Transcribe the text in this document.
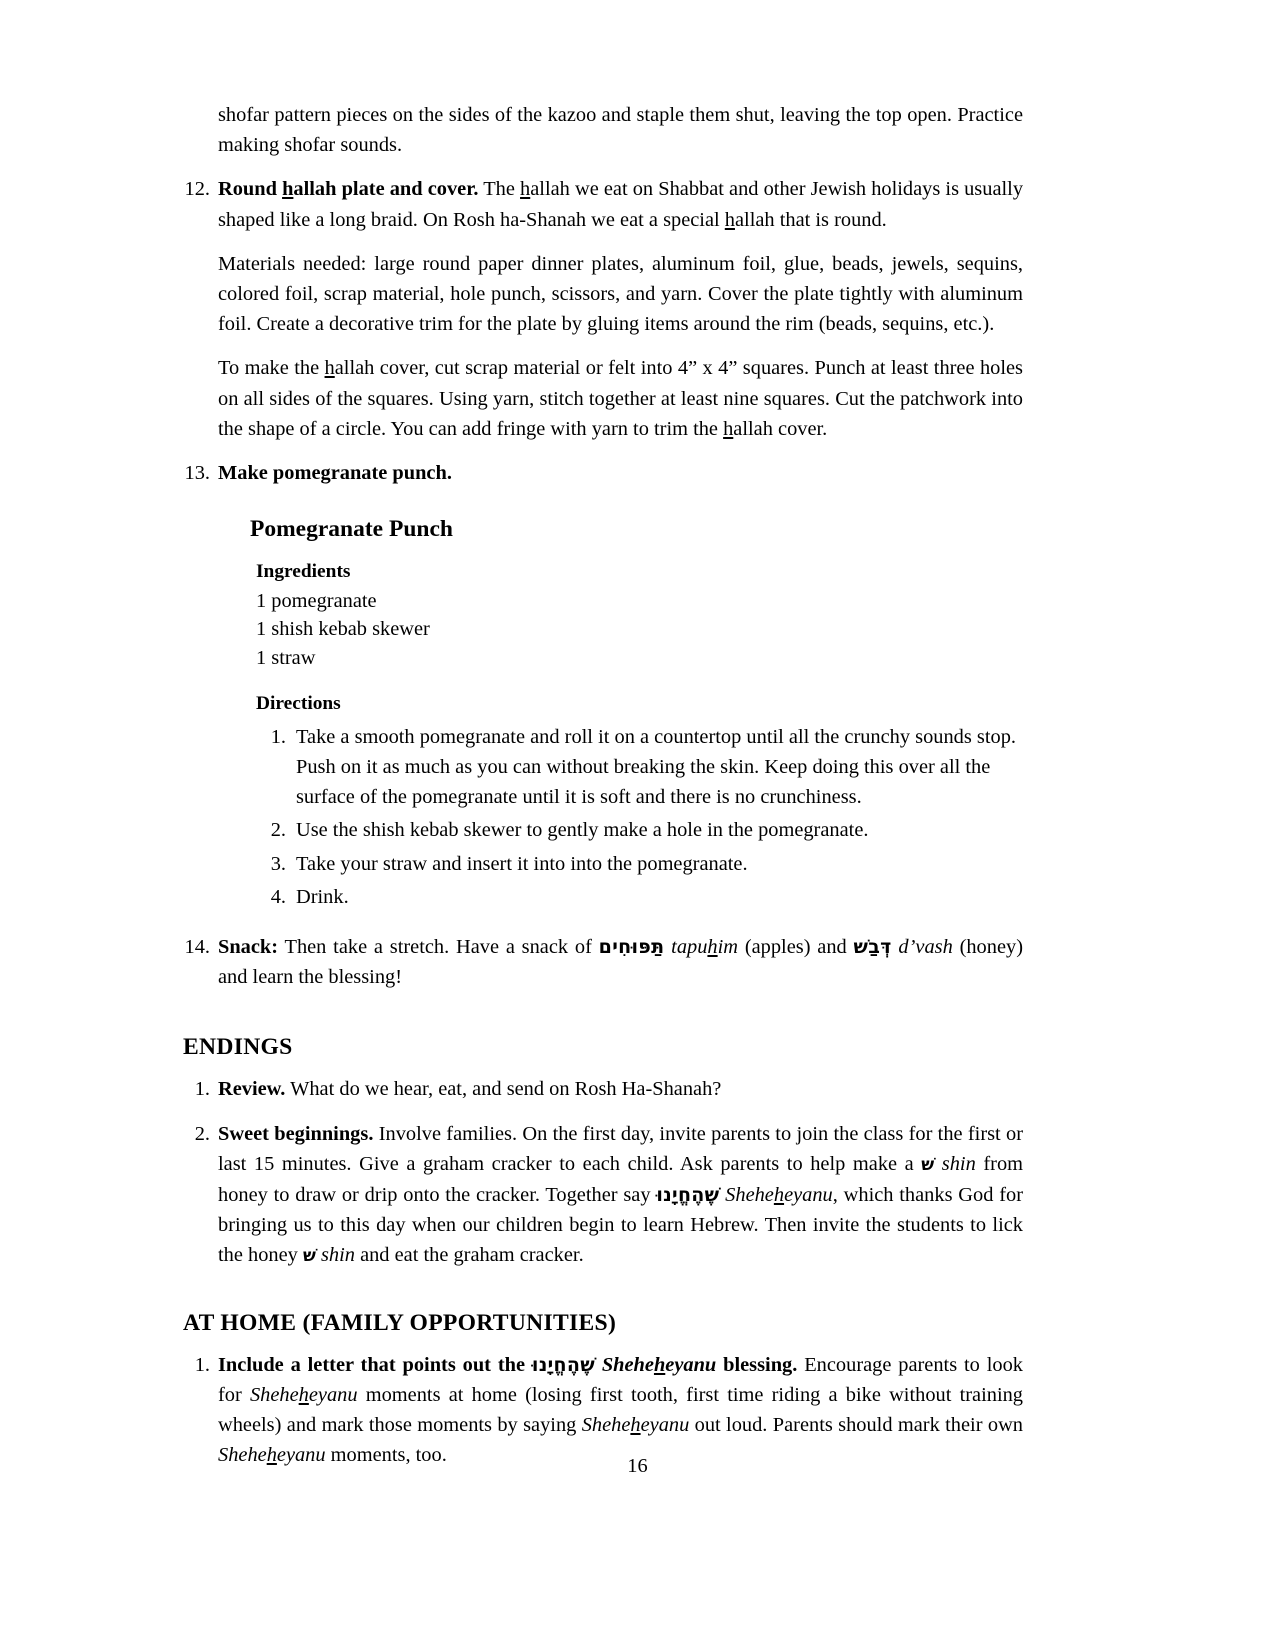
shofar pattern pieces on the sides of the kazoo and staple them shut, leaving the top open. Practice making shofar sounds.

12. Round hallah plate and cover. The hallah we eat on Shabbat and other Jewish holidays is usually shaped like a long braid. On Rosh ha-Shanah we eat a special hallah that is round.

Materials needed: large round paper dinner plates, aluminum foil, glue, beads, jewels, sequins, colored foil, scrap material, hole punch, scissors, and yarn. Cover the plate tightly with aluminum foil. Create a decorative trim for the plate by gluing items around the rim (beads, sequins, etc.).

To make the hallah cover, cut scrap material or felt into 4” x 4” squares. Punch at least three holes on all sides of the squares. Using yarn, stitch together at least nine squares. Cut the patchwork into the shape of a circle. You can add fringe with yarn to trim the hallah cover.

13. Make pomegranate punch.

Pomegranate Punch
Ingredients
1 pomegranate
1 shish kebab skewer
1 straw
Directions
1. Take a smooth pomegranate and roll it on a countertop until all the crunchy sounds stop. Push on it as much as you can without breaking the skin. Keep doing this over all the surface of the pomegranate until it is soft and there is no crunchiness.
2. Use the shish kebab skewer to gently make a hole in the pomegranate.
3. Take your straw and insert it into into the pomegranate.
4. Drink.
14. Snack: Then take a stretch. Have a snack of תַּפּוּחִים tapuhim (apples) and דְּבַשׁ d’vash (honey) and learn the blessing!

ENDINGS
1. Review. What do we hear, eat, and send on Rosh Ha-Shanah?

2. Sweet beginnings. Involve families. On the first day, invite parents to join the class for the first or last 15 minutes. Give a graham cracker to each child. Ask parents to help make a שׁ shin from honey to draw or drip onto the cracker. Together say שֶׁהֶחֱיָנוּ Sheheheyanu, which thanks God for bringing us to this day when our children begin to learn Hebrew. Then invite the students to lick the honey שׁ shin and eat the graham cracker.

AT HOME (FAMILY OPPORTUNITIES)
1. Include a letter that points out the שֶׁהֶחֱיָנוּ Sheheheyanu blessing. Encourage parents to look for Sheheheyanu moments at home (losing first tooth, first time riding a bike without training wheels) and mark those moments by saying Sheheheyanu out loud. Parents should mark their own Sheheheyanu moments, too.	16
